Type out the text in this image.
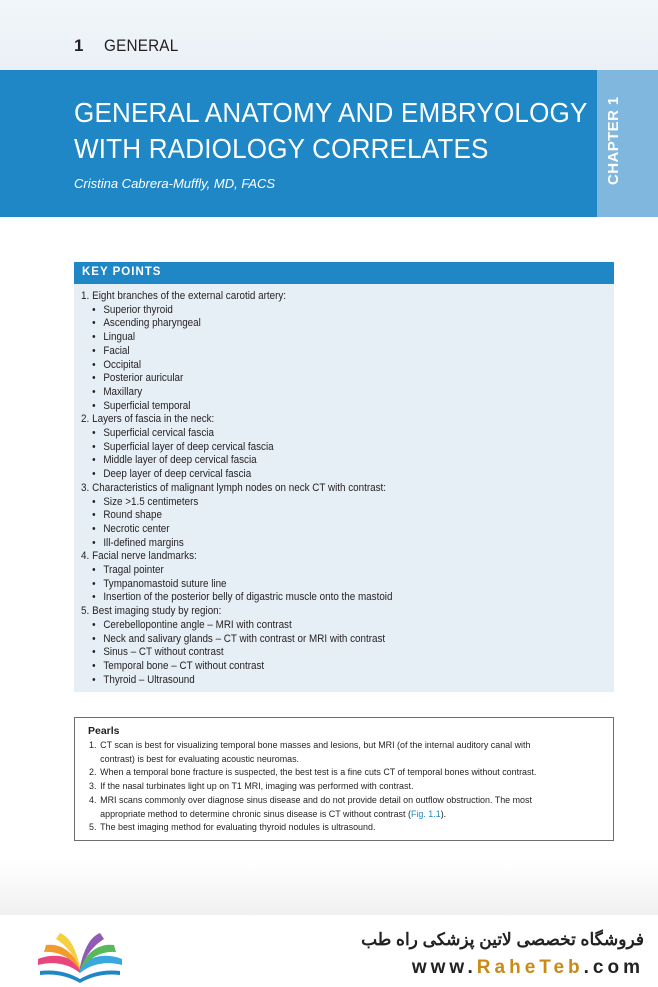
1 GENERAL
GENERAL ANATOMY AND EMBRYOLOGY
WITH RADIOLOGY CORRELATES
Cristina Cabrera-Muffly, MD, FACS	CHAPTER 1
KEY POINTS
1. Eight branches of the external carotid artery:
• Superior thyroid
• Ascending pharyngeal
• Lingual
• Facial
• Occipital
• Posterior auricular
• Maxillary
• Superficial temporal
2. Layers of fascia in the neck:
• Superficial cervical fascia
• Superficial layer of deep cervical fascia
• Middle layer of deep cervical fascia
• Deep layer of deep cervical fascia
3. Characteristics of malignant lymph nodes on neck CT with contrast:
• Size >1.5 centimeters
• Round shape
• Necrotic center
• Ill-defined margins
4. Facial nerve landmarks:
• Tragal pointer
• Tympanomastoid suture line
• Insertion of the posterior belly of digastric muscle onto the mastoid
5. Best imaging study by region:
• Cerebellopontine angle – MRI with contrast
• Neck and salivary glands – CT with contrast or MRI with contrast
• Sinus – CT without contrast
• Temporal bone – CT without contrast
• Thyroid – Ultrasound
Pearls
1. CT scan is best for visualizing temporal bone masses and lesions, but MRI (of the internal auditory canal with
contrast) is best for evaluating acoustic neuromas.
2. When a temporal bone fracture is suspected, the best test is a fine cuts CT of temporal bones without contrast.
3. If the nasal turbinates light up on T1 MRI, imaging was performed with contrast.
4. MRI scans commonly over diagnose sinus disease and do not provide detail on outflow obstruction. The most
appropriate method to determine chronic sinus disease is CT without contrast (Fig. 1.1).
5. The best imaging method for evaluating thyroid nodules is ultrasound.
فروشگاه تخصصی لاتین پزشکی راه طب
www.RaheTeb.com
